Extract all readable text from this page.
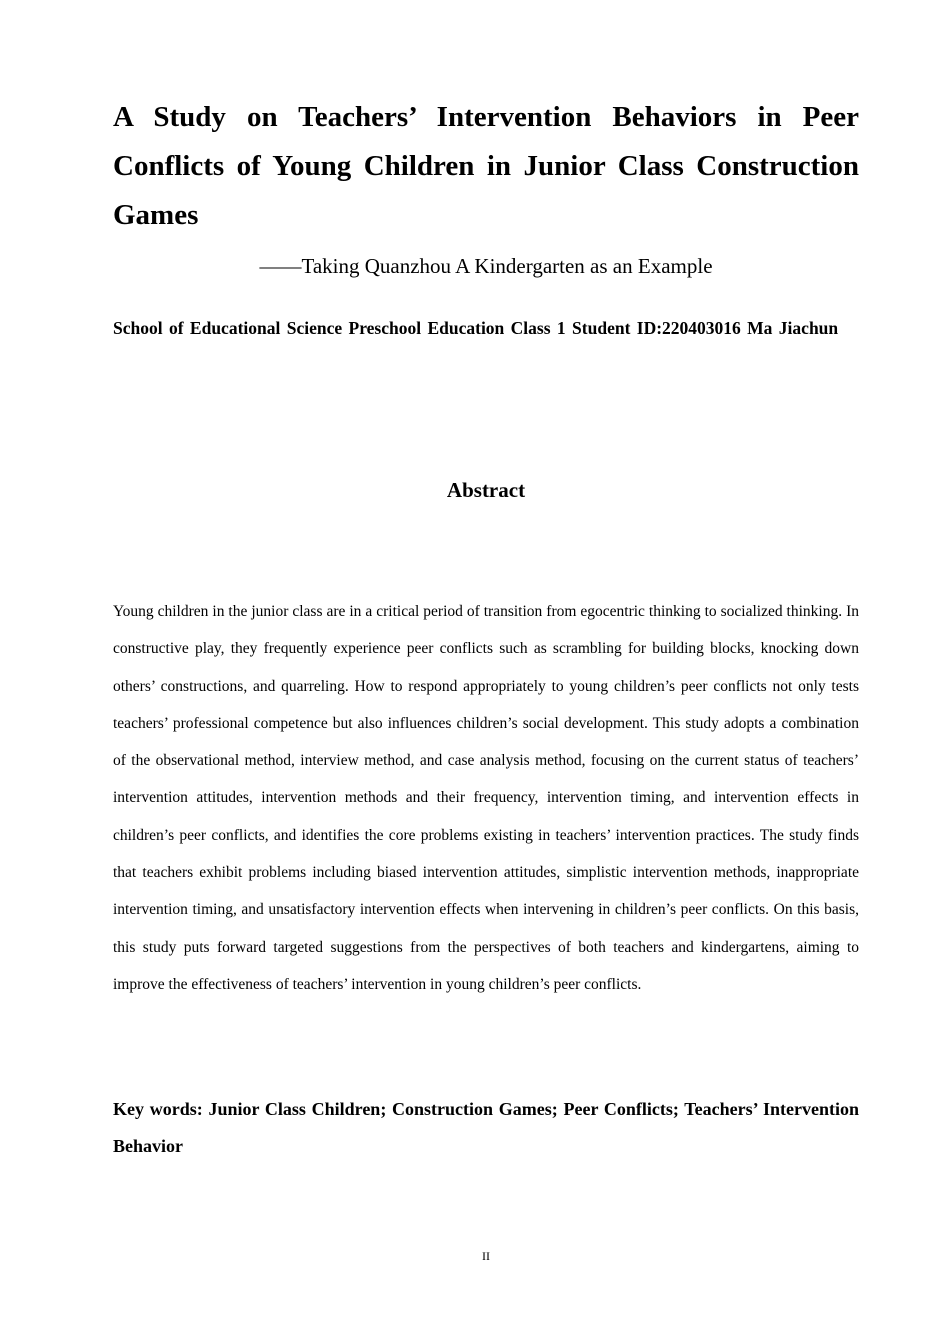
A Study on Teachers’ Intervention Behaviors in Peer Conflicts of Young Children in Junior Class Construction Games

——Taking Quanzhou A Kindergarten as an Example

School of Educational Science Preschool Education Class 1 Student ID:220403016 Ma Jiachun

Abstract

Young children in the junior class are in a critical period of transition from egocentric thinking to socialized thinking. In constructive play, they frequently experience peer conflicts such as scrambling for building blocks, knocking down others’ constructions, and quarreling. How to respond appropriately to young children’s peer conflicts not only tests teachers’ professional competence but also influences children’s social development. This study adopts a combination of the observational method, interview method, and case analysis method, focusing on the current status of teachers’ intervention attitudes, intervention methods and their frequency, intervention timing, and intervention effects in children’s peer conflicts, and identifies the core problems existing in teachers’ intervention practices. The study finds that teachers exhibit problems including biased intervention attitudes, simplistic intervention methods, inappropriate intervention timing, and unsatisfactory intervention effects when intervening in children’s peer conflicts. On this basis, this study puts forward targeted suggestions from the perspectives of both teachers and kindergartens, aiming to improve the effectiveness of teachers’ intervention in young children’s peer conflicts.

Key words: Junior Class Children; Construction Games; Peer Conflicts; Teachers’ Intervention Behavior

II
